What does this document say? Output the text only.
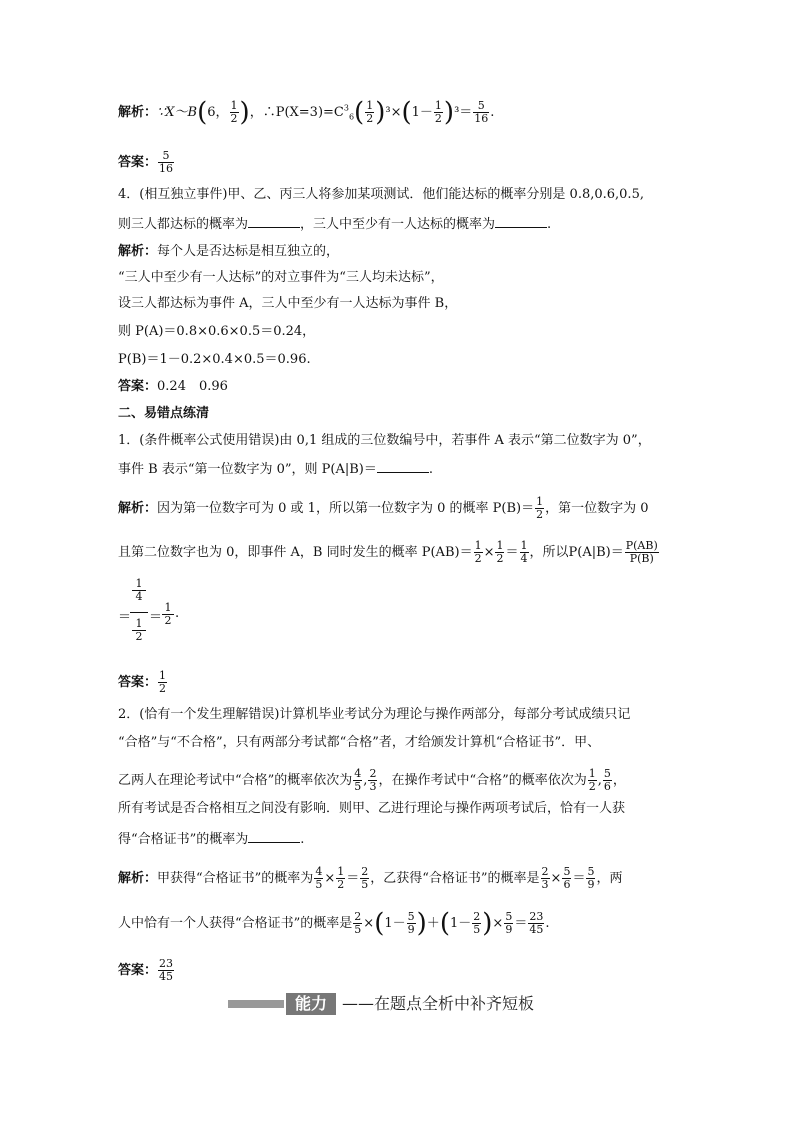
解析：∵X～B(6， $\frac{1}{2}$ )，$\therefore P(X=3)=C^3_6( \frac{1}{2} )^3\times(1- \frac{1}{2} )^3= \frac{5}{16}$ .
答案： $\frac{5}{16}$
4．(相互独立事件)甲、乙、丙三人将参加某项测试．他们能达标的概率分别是 0.8,0.6,0.5,
则三人都达标的概率为	，三人中至少有一人达标的概率为	.
解析：每个人是否达标是相互独立的，
“三人中至少有一人达标”的对立事件为“三人均未达标”，
设三人都达标为事件 A，三人中至少有一人达标为事件 B，
则 P(A)＝0.8×0.6×0.5＝0.24，
P(B)＝1－0.2×0.4×0.5＝0.96.
答案：0.24　0.96
二、易错点练清
1．(条件概率公式使用错误)由 0,1 组成的三位数编号中，若事件 A 表示“第二位数字为 0”，
事件 B 表示“第一位数字为 0”，则 P(A|B)＝	.
解析：因为第一位数字可为 0 或 1，所以第一位数字为 0 的概率 $P(B)= \frac{1}{2}$ ，第一位数字为 0
且第二位数字也为 0，即事件 A，B 同时发生的概率 $P(AB)= \frac{1}{2} \times \frac{1}{2} = \frac{1}{4}$ ，所以$P(A|B)= \frac{P(AB)}{P(B)}$
1
4
＝ 1
2
＝
1
2 .
答案： $\frac{1}{2}$
2．(恰有一个发生理解错误)计算机毕业考试分为理论与操作两部分，每部分考试成绩只记
“合格”与“不合格”，只有两部分考试都“合格”者，才给颁发计算机“合格证书”．甲、
乙两人在理论考试中“合格”的概率依次为 $\frac{4}{5}$ , $\frac{2}{3}$ ，在操作考试中“合格”的概率依次为 $\frac{1}{2}$ , $\frac{5}{6}$ ，
所有考试是否合格相互之间没有影响．则甲、乙进行理论与操作两项考试后，恰有一人获
得“合格证书”的概率为	.
解析：甲获得“合格证书”的概率为 $\frac{4}{5} \times \frac{1}{2} = \frac{2}{5}$ ，乙获得“合格证书”的概率是 $\frac{2}{3} \times \frac{5}{6} = \frac{5}{9}$ ，两
人中恰有一个人获得“合格证书”的概率是 $\frac{2}{5} \times(1- \frac{5}{9} )+(1- \frac{2}{5}$ )× $\frac{5}{9} = \frac{23}{45}$ .
答案： $\frac{23}{45}$
能力 ——在题点全析中补齐短板
